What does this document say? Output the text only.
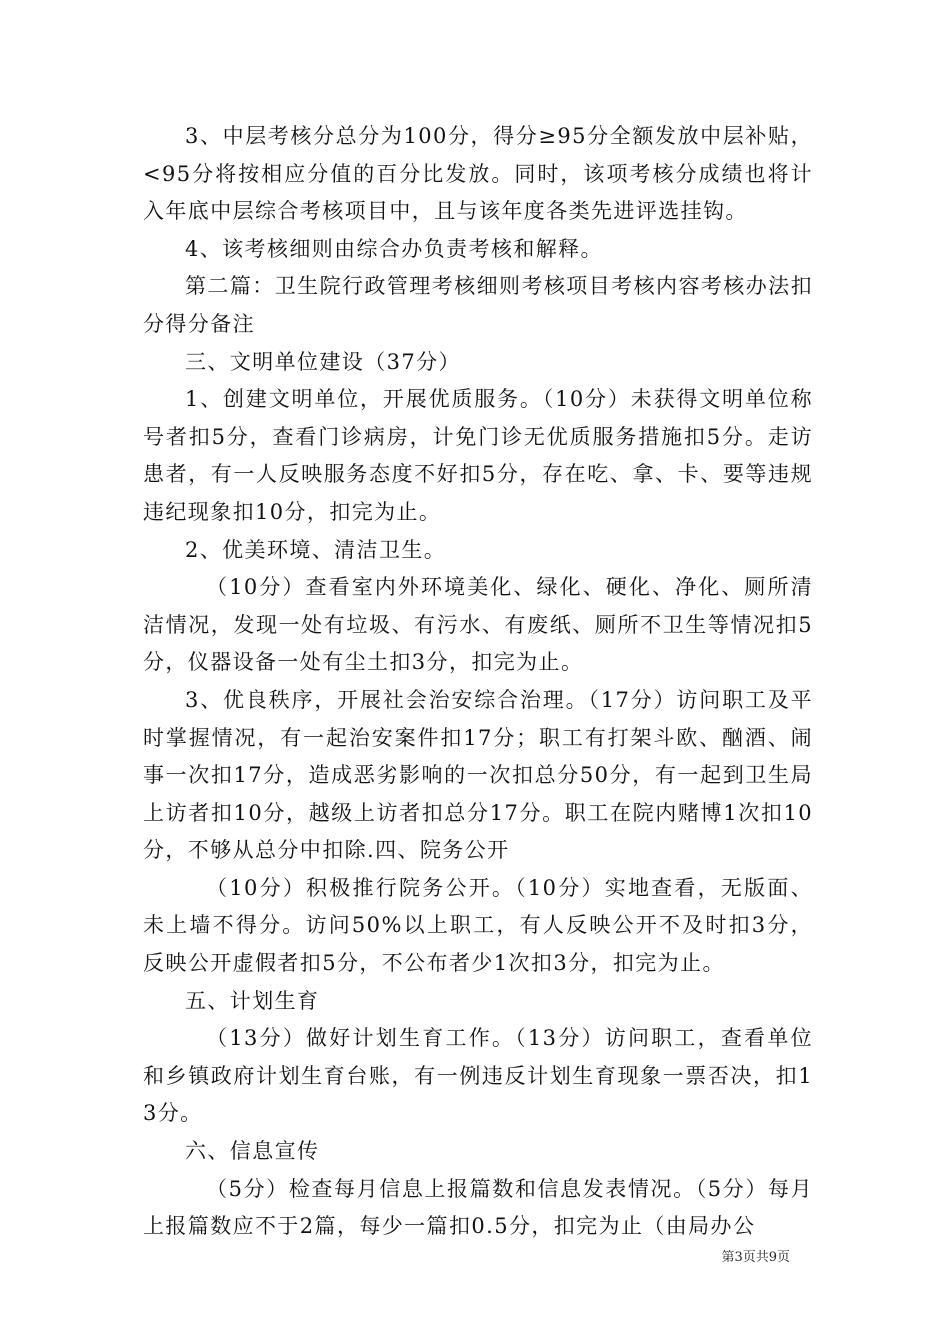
3、中层考核分总分为100分，得分≥95分全额发放中层补贴，<95分将按相应分值的百分比发放。同时，该项考核分成绩也将计入年底中层综合考核项目中，且与该年度各类先进评选挂钩。

4、该考核细则由综合办负责考核和解释。

第二篇：卫生院行政管理考核细则考核项目考核内容考核办法扣分得分备注

三、文明单位建设（37分）

1、创建文明单位，开展优质服务。（10分）未获得文明单位称号者扣5分，查看门诊病房，计免门诊无优质服务措施扣5分。走访患者，有一人反映服务态度不好扣5分，存在吃、拿、卡、要等违规违纪现象扣10分，扣完为止。

2、优美环境、清洁卫生。

（10分）查看室内外环境美化、绿化、硬化、净化、厕所清洁情况，发现一处有垃圾、有污水、有废纸、厕所不卫生等情况扣5分，仪器设备一处有尘土扣3分，扣完为止。

3、优良秩序，开展社会治安综合治理。（17分）访问职工及平时掌握情况，有一起治安案件扣17分；职工有打架斗欧、酗酒、闹事一次扣17分，造成恶劣影响的一次扣总分50分，有一起到卫生局上访者扣10分，越级上访者扣总分17分。职工在院内赌博1次扣10分，不够从总分中扣除.四、院务公开

（10分）积极推行院务公开。（10分）实地查看，无版面、未上墙不得分。访问50%以上职工，有人反映公开不及时扣3分，反映公开虚假者扣5分，不公布者少1次扣3分，扣完为止。

五、计划生育

（13分）做好计划生育工作。（13分）访问职工，查看单位和乡镇政府计划生育台账，有一例违反计划生育现象一票否决，扣13分。

六、信息宣传

（5分）检查每月信息上报篇数和信息发表情况。（5分）每月上报篇数应不于2篇，每少一篇扣0.5分，扣完为止（由局办公

第3页共9页
